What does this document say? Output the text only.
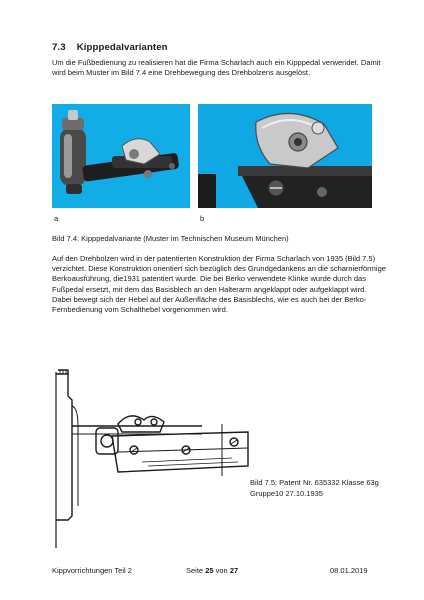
7.3 Kipppedalvarianten
Um die Fußbedienung zu realisieren hat die Firma Scharlach auch ein Kipppedal verwendet. Damit wird beim Muster im Bild 7.4 eine Drehbewegung des Drehbolzens ausgelöst.
a	b
Bild 7.4: Kipppedalvariante (Muster im Technischen Museum München)
Auf den Drehbolzen wird in der patentierten Konstruktion der Firma Scharlach von 1935 (Bild 7.5) verzichtet. Diese Konstruktion orientiert sich bezüglich des Grundgedankens an die scharnierförmige Berkoausführung, die1931 patentiert wurde. Die bei Berko verwendete Klinke wurde durch das Fußpedal ersetzt, mit dem das Basisblech an den Halterarm angeklappt oder aufgeklappt wird. Dabei bewegt sich der Hebel auf der Außenfläche des Basisblechs, wie es auch bei der Berko-Fernbedienung vom Schalthebel vorgenommen wird.
Bild 7.5: Patent Nr. 635332 Klasse 63g Gruppe10 27.10.1935
Kippvorrichtungen Teil 2	Seite 25 von 27	08.01.2019
